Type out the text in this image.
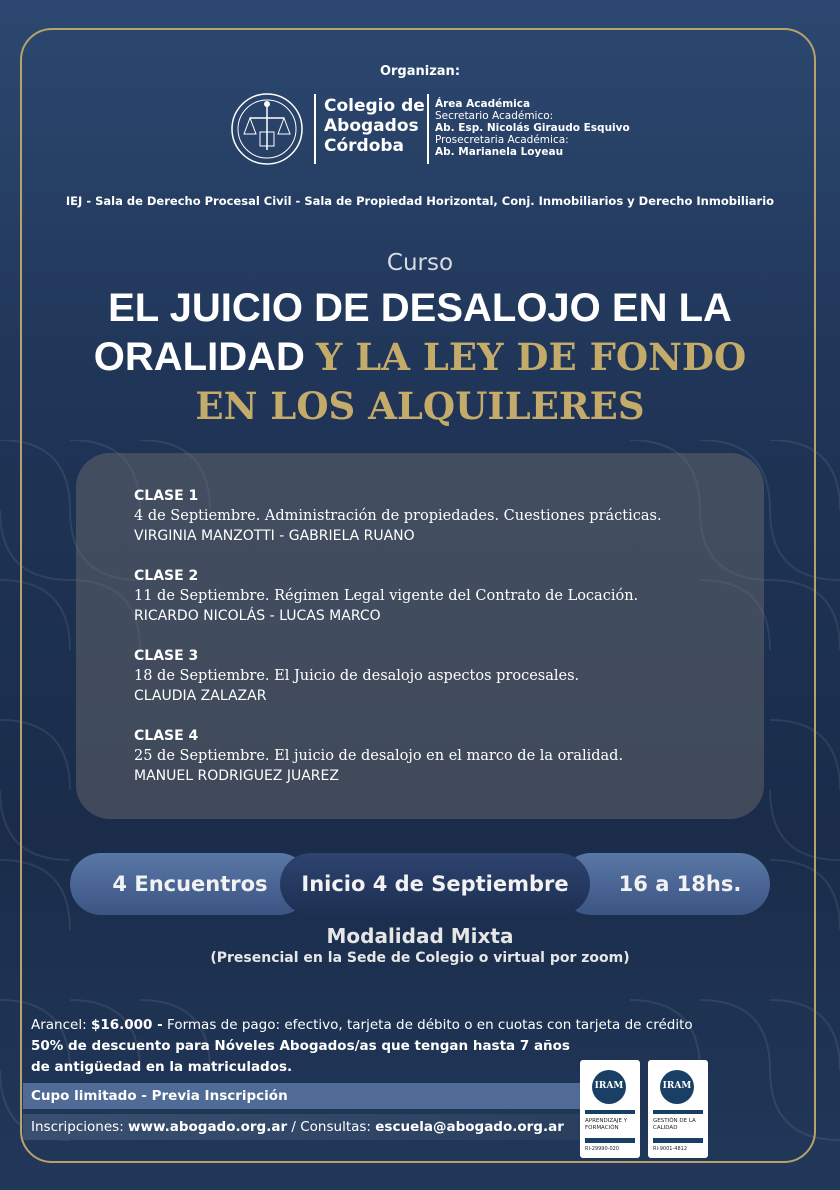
Organizan:
Colegio de
Abogados
Córdoba
Área Académica
Secretario Académico:
Ab. Esp. Nicolás Giraudo Esquivo
Prosecretaria Académica:
Ab. Marianela Loyeau
IEJ - Sala de Derecho Procesal Civil - Sala de Propiedad Horizontal, Conj. Inmobiliarios y Derecho Inmobiliario
Curso
EL JUICIO DE DESALOJO EN LA
ORALIDAD Y LA LEY DE FONDO
EN LOS ALQUILERES
CLASE 1
4 de Septiembre. Administración de propiedades. Cuestiones prácticas.
VIRGINIA MANZOTTI - GABRIELA RUANO
CLASE 2
11 de Septiembre. Régimen Legal vigente del Contrato de Locación.
RICARDO NICOLÁS - LUCAS MARCO
CLASE 3
18 de Septiembre. El Juicio de desalojo aspectos procesales.
CLAUDIA ZALAZAR
CLASE 4
25 de Septiembre. El juicio de desalojo en el marco de la oralidad.
MANUEL RODRIGUEZ JUAREZ
4 Encuentros	16 a 18hs.
Inicio 4 de Septiembre
Modalidad Mixta
(Presencial en la Sede de Colegio o virtual por zoom)
Arancel: $16.000 - Formas de pago: efectivo, tarjeta de débito o en cuotas con tarjeta de crédito
50% de descuento para Nóveles Abogados/as que tengan hasta 7 años
de antigüedad en la matriculados.
Cupo limitado - Previa Inscripción
Inscripciones: www.abogado.org.ar / Consultas: escuela@abogado.org.ar
IRAM
APRENDIZAJE Y FORMACIÓN
RI-29990-020
IRAM
GESTIÓN DE LA CALIDAD
RI-9001-4812
